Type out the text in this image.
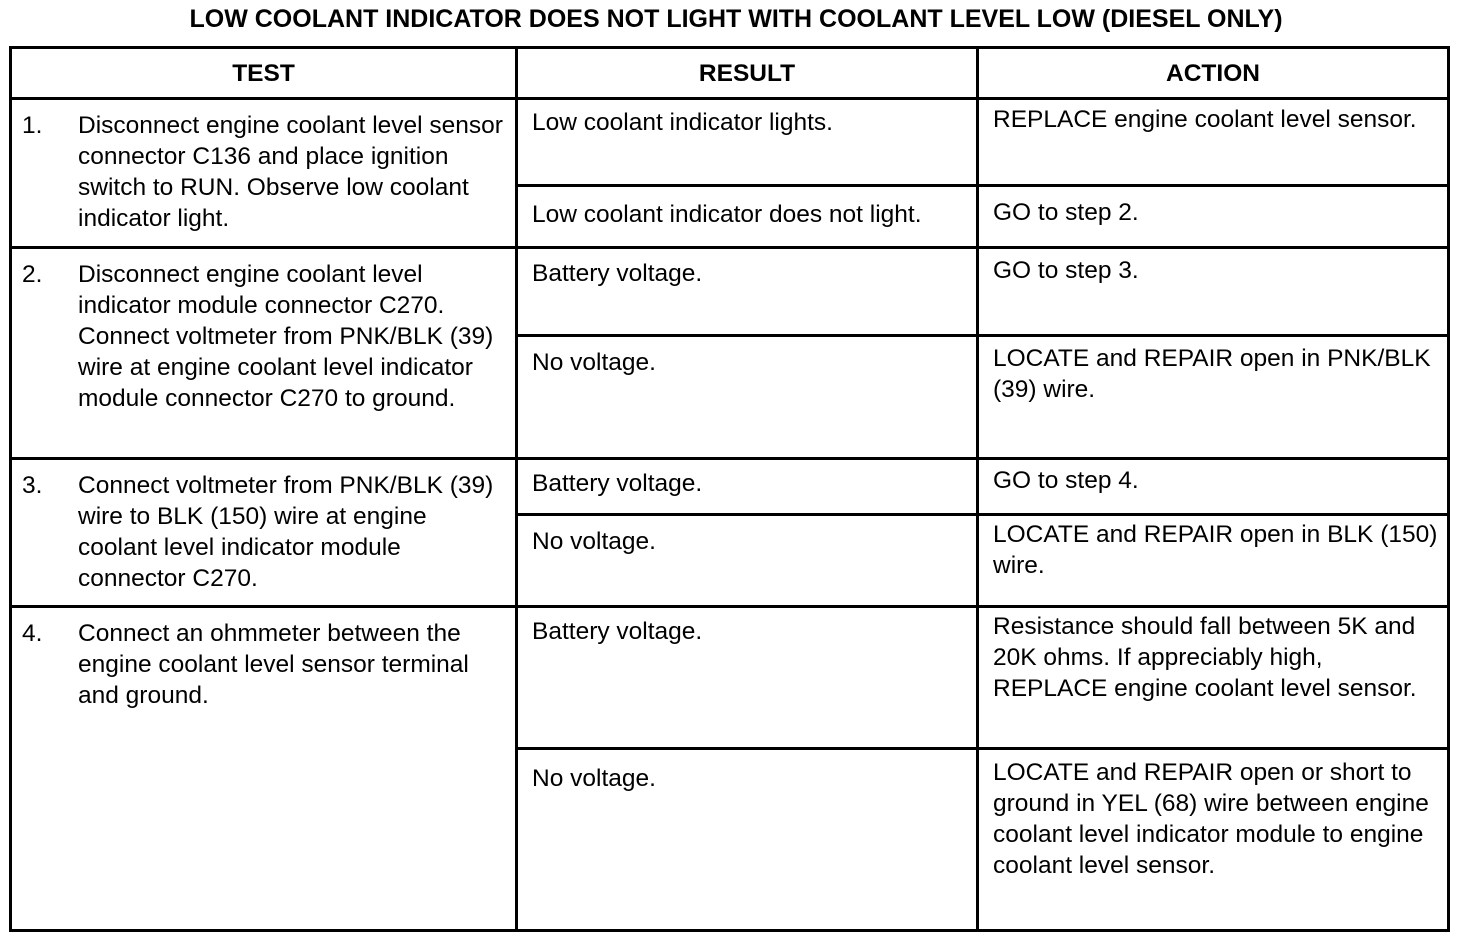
LOW COOLANT INDICATOR DOES NOT LIGHT WITH COOLANT LEVEL LOW (DIESEL ONLY)
TEST	RESULT	ACTION

1. Disconnect engine coolant level sensor connector C136 and place ignition switch to RUN. Observe low coolant indicator light.	Low coolant indicator lights.	REPLACE engine coolant level sensor.

	Low coolant indicator does not light.	GO to step 2.

2. Disconnect engine coolant level indicator module connector C270. Connect voltmeter from PNK/BLK (39) wire at engine coolant level indicator module connector C270 to ground.	Battery voltage.	GO to step 3.

	No voltage.	LOCATE and REPAIR open in PNK/BLK (39) wire.

3. Connect voltmeter from PNK/BLK (39) wire to BLK (150) wire at engine coolant level indicator module connector C270.	Battery voltage.	GO to step 4.

	No voltage.	LOCATE and REPAIR open in BLK (150) wire.

4. Connect an ohmmeter between the engine coolant level sensor terminal and ground.	Battery voltage.	Resistance should fall between 5K and 20K ohms. If appreciably high, REPLACE engine coolant level sensor.

	No voltage.	LOCATE and REPAIR open or short to ground in YEL (68) wire between engine coolant level indicator module to engine coolant level sensor.
